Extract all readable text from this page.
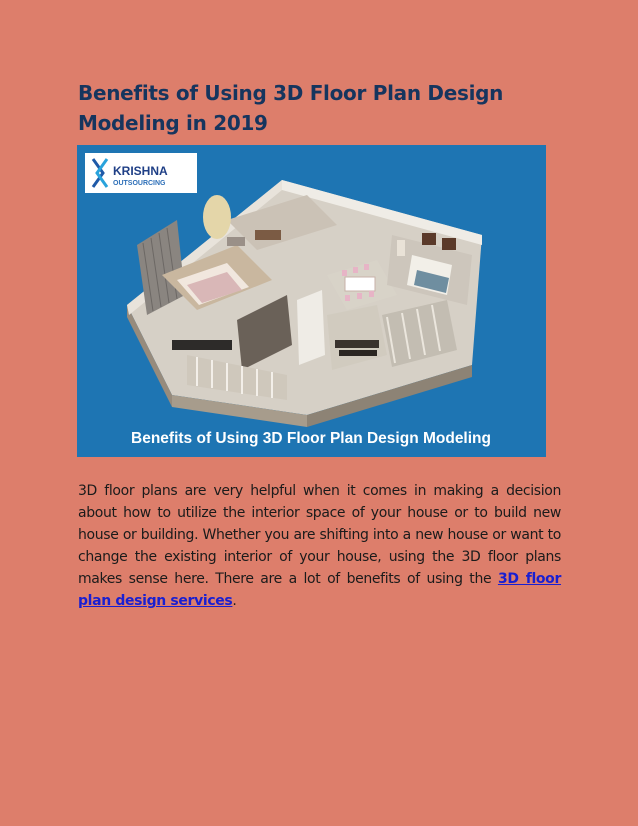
Benefits of Using 3D Floor Plan Design
Modeling in 2019
KRISHNA
OUTSOURCING
Benefits of Using 3D Floor Plan Design Modeling

3D floor plans are very helpful when it comes in making a decision about how to utilize the interior space of your house or to build new house or building. Whether you are shifting into a new house or want to change the existing interior of your house, using the 3D floor plans makes sense here. There are a lot of benefits of using the 3D floor plan design services.
